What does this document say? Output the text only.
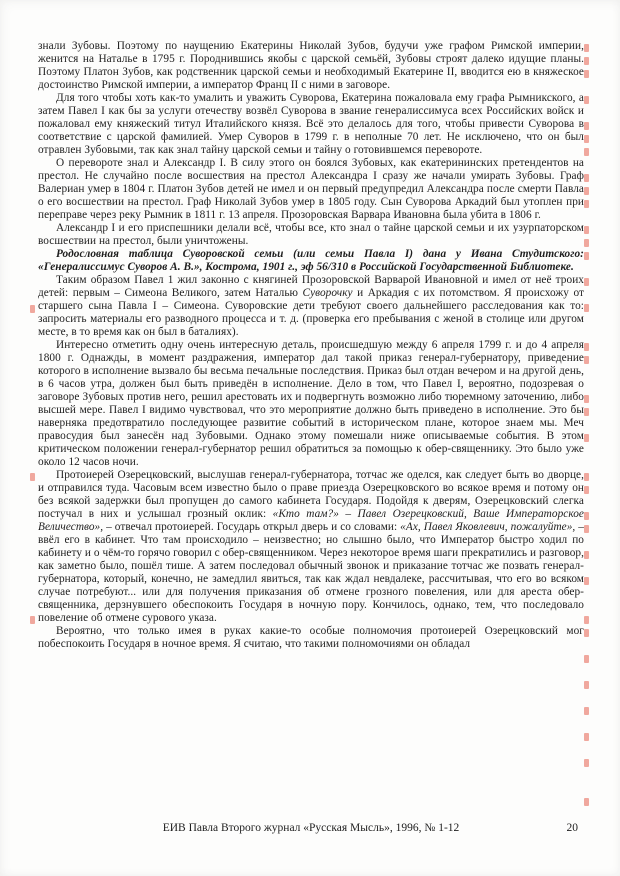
знали Зубовы. Поэтому по наущению Екатерины Николай Зубов, будучи уже графом Римской империи, женится на Наталье в 1795 г. Породнившись якобы с царской семьёй, Зубовы строят далеко идущие планы. Поэтому Платон Зубов, как родственник царской семьи и необходимый Екатерине II, вводится ею в княжеское достоинство Римской империи, а император Франц II с ними в заговоре.

Для того чтобы хоть как-то умалить и уважить Суворова, Екатерина пожаловала ему графа Рымникского, а затем Павел I как бы за услуги отечеству возвёл Суворова в звание генералиссимуса всех Российских войск и пожаловал ему княжеский титул Италийского князя. Всё это делалось для того, чтобы привести Суворова в соответствие с царской фамилией. Умер Суворов в 1799 г. в неполные 70 лет. Не исключено, что он был отравлен Зубовыми, так как знал тайну царской семьи и тайну о готовившемся перевороте.

О перевороте знал и Александр I. В силу этого он боялся Зубовых, как екатерининских претендентов на престол. Не случайно после восшествия на престол Александра I сразу же начали умирать Зубовы. Граф Валериан умер в 1804 г. Платон Зубов детей не имел и он первый предупредил Александра после смерти Павла о его восшествии на престол. Граф Николай Зубов умер в 1805 году. Сын Суворова Аркадий был утоплен при переправе через реку Рымник в 1811 г. 13 апреля. Прозоровская Варвара Ивановна была убита в 1806 г.

Александр I и его приспешники делали всё, чтобы все, кто знал о тайне царской семьи и их узурпаторском восшествии на престол, были уничтожены.

Родословная таблица Суворовской семьи (или семьи Павла I) дана у Ивана Студитского: «Генералиссимус Суворов А. В.», Кострома, 1901 г., эф 56/310 в Российской Государственной Библиотеке.

Таким образом Павел 1 жил законно с княгиней Прозоровской Варварой Ивановной и имел от неё троих детей: первым – Симеона Великого, затем Наталью Суворочку и Аркадия с их потомством. Я происхожу от старшего сына Павла I – Симеона. Суворовские дети требуют своего дальнейшего расследования как то: запросить материалы его разводного процесса и т. д. (проверка его пребывания с женой в столице или другом месте, в то время как он был в баталиях).

Интересно отметить одну очень интересную деталь, происшедшую между 6 апреля 1799 г. и до 4 апреля 1800 г. Однажды, в момент раздражения, император дал такой приказ генерал-губернатору, приведение которого в исполнение вызвало бы весьма печальные последствия. Приказ был отдан вечером и на другой день, в 6 часов утра, должен был быть приведён в исполнение. Дело в том, что Павел I, вероятно, подозревая о заговоре Зубовых против него, решил арестовать их и подвергнуть возможно либо тюремному заточению, либо высшей мере. Павел I видимо чувствовал, что это мероприятие должно быть приведено в исполнение. Это бы наверняка предотвратило последующее развитие событий в историческом плане, которое знаем мы. Меч правосудия был занесён над Зубовыми. Однако этому помешали ниже описываемые события. В этом критическом положении генерал-губернатор решил обратиться за помощью к обер-священнику. Это было уже около 12 часов ночи.

Протоиерей Озерецковский, выслушав генерал-губернатора, тотчас же оделся, как следует быть во дворце, и отправился туда. Часовым всем известно было о праве приезда Озерецковского во всякое время и потому он без всякой задержки был пропущен до самого кабинета Государя. Подойдя к дверям, Озерецковский слегка постучал в них и услышал грозный оклик: «Кто там?» – Павел Озерецковский, Ваше Императорское Величество», – отвечал протоиерей. Государь открыл дверь и со словами: «Ах, Павел Яковлевич, пожалуйте», – ввёл его в кабинет. Что там происходило – неизвестно; но слышно было, что Император быстро ходил по кабинету и о чём-то горячо говорил с обер-священником. Через некоторое время шаги прекратились и разговор, как заметно было, пошёл тише. А затем последовал обычный звонок и приказание тотчас же позвать генерал-губернатора, который, конечно, не замедлил явиться, так как ждал невдалеке, рассчитывая, что его во всяком случае потребуют... или для получения приказания об отмене грозного повеления, или для ареста обер-священника, дерзнувшего обеспокоить Государя в ночную пору. Кончилось, однако, тем, что последовало повеление об отмене сурового указа.

Вероятно, что только имея в руках какие-то особые полномочия протоиерей Озерецковский мог побеспокоить Государя в ночное время. Я считаю, что такими полномочиями он обладал

ЕИВ Павла Второго журнал «Русская Мысль», 1996, № 1-12	20
